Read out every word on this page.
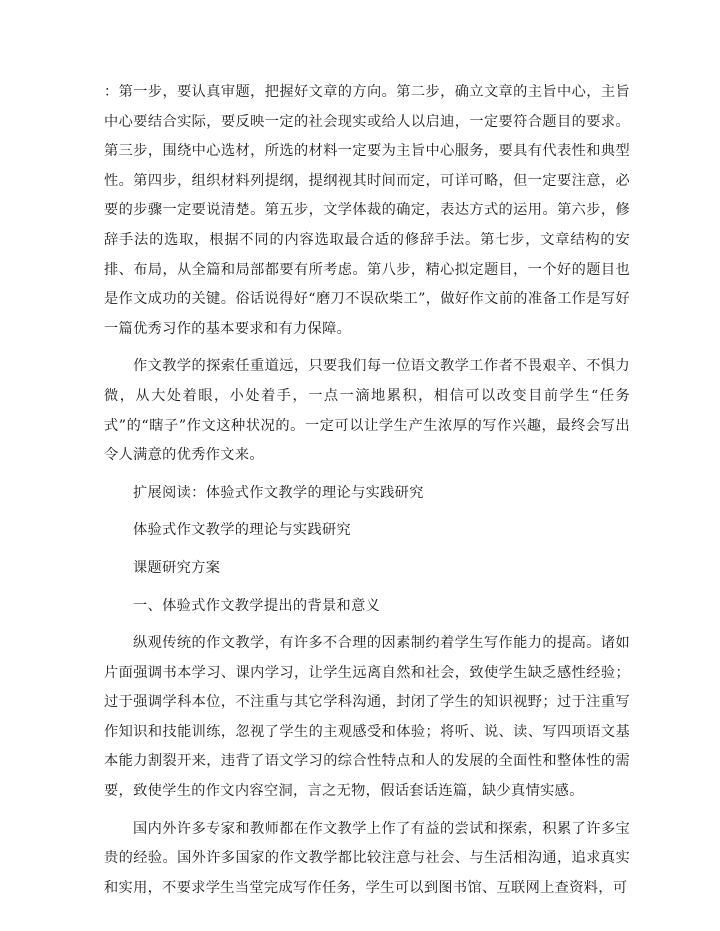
：第一步，要认真审题，把握好文章的方向。第二步，确立文章的主旨中心，主旨中心要结合实际，要反映一定的社会现实或给人以启迪，一定要符合题目的要求。第三步，围绕中心选材，所选的材料一定要为主旨中心服务，要具有代表性和典型性。第四步，组织材料列提纲，提纲视其时间而定，可详可略，但一定要注意，必要的步骤一定要说清楚。第五步，文学体裁的确定，表达方式的运用。第六步，修辞手法的选取，根据不同的内容选取最合适的修辞手法。第七步，文章结构的安排、布局，从全篇和局部都要有所考虑。第八步，精心拟定题目，一个好的题目也是作文成功的关键。俗话说得好“磨刀不误砍柴工”，做好作文前的准备工作是写好一篇优秀习作的基本要求和有力保障。

作文教学的探索任重道远，只要我们每一位语文教学工作者不畏艰辛、不惧力微，从大处着眼，小处着手，一点一滴地累积，相信可以改变目前学生“任务式”的“瞎子”作文这种状况的。一定可以让学生产生浓厚的写作兴趣，最终会写出令人满意的优秀作文来。

扩展阅读：体验式作文教学的理论与实践研究

体验式作文教学的理论与实践研究

课题研究方案

一、体验式作文教学提出的背景和意义

纵观传统的作文教学，有许多不合理的因素制约着学生写作能力的提高。诸如片面强调书本学习、课内学习，让学生远离自然和社会，致使学生缺乏感性经验；过于强调学科本位，不注重与其它学科沟通，封闭了学生的知识视野；过于注重写作知识和技能训练，忽视了学生的主观感受和体验；将听、说、读、写四项语文基本能力割裂开来，违背了语文学习的综合性特点和人的发展的全面性和整体性的需要，致使学生的作文内容空洞，言之无物，假话套话连篇，缺少真情实感。

国内外许多专家和教师都在作文教学上作了有益的尝试和探索，积累了许多宝贵的经验。国外许多国家的作文教学都比较注意与社会、与生活相沟通，追求真实和实用，不要求学生当堂完成写作任务，学生可以到图书馆、互联网上查资料，可
